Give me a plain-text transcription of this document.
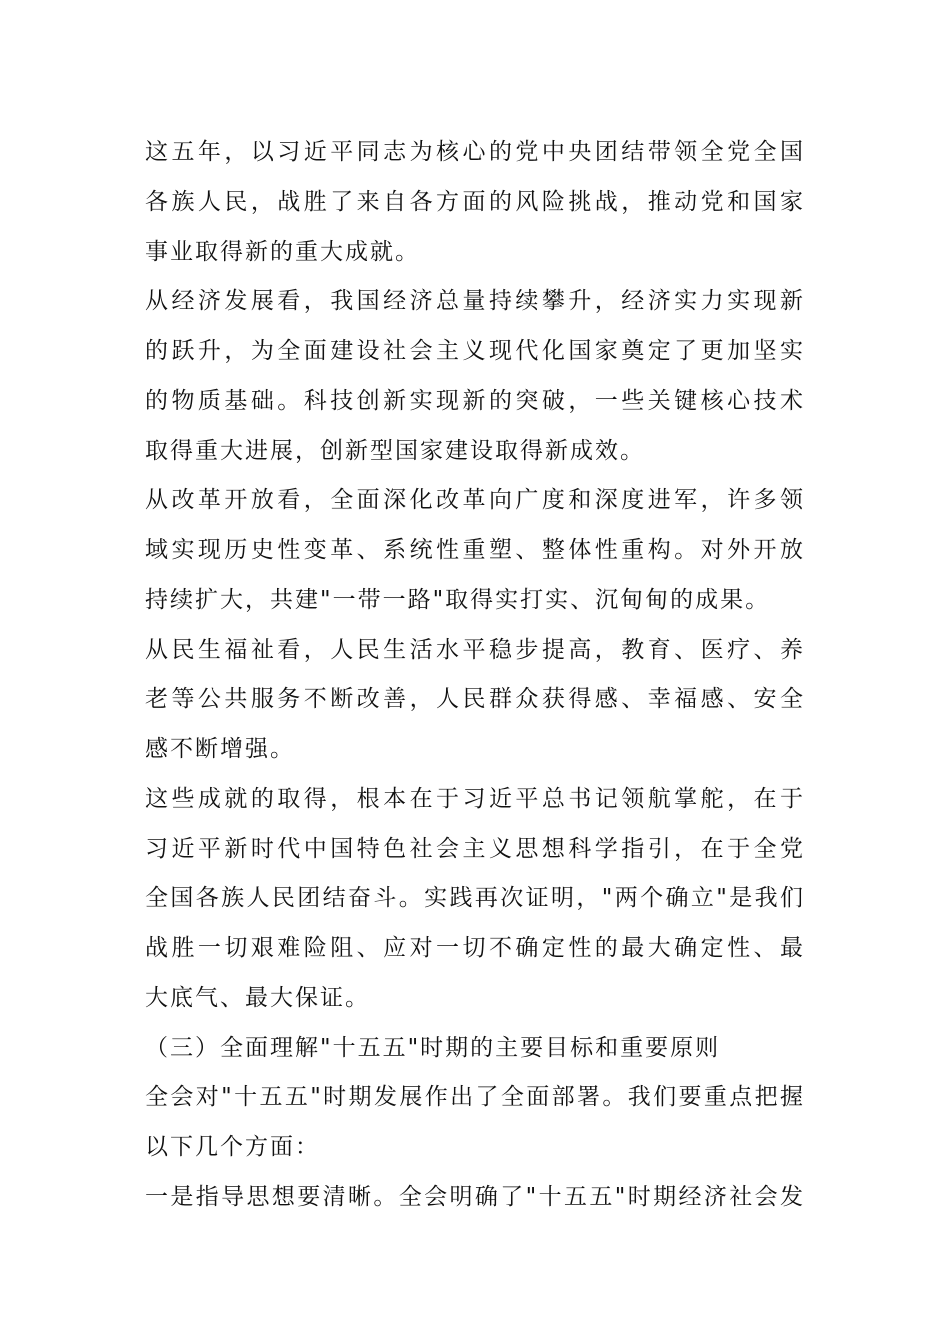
这五年，以习近平同志为核心的党中央团结带领全党全国
各族人民，战胜了来自各方面的风险挑战，推动党和国家
事业取得新的重大成就。
从经济发展看，我国经济总量持续攀升，经济实力实现新
的跃升，为全面建设社会主义现代化国家奠定了更加坚实
的物质基础。科技创新实现新的突破，一些关键核心技术
取得重大进展，创新型国家建设取得新成效。
从改革开放看，全面深化改革向广度和深度进军，许多领
域实现历史性变革、系统性重塑、整体性重构。对外开放
持续扩大，共建"一带一路"取得实打实、沉甸甸的成果。
从民生福祉看，人民生活水平稳步提高，教育、医疗、养
老等公共服务不断改善，人民群众获得感、幸福感、安全
感不断增强。
这些成就的取得，根本在于习近平总书记领航掌舵，在于
习近平新时代中国特色社会主义思想科学指引，在于全党
全国各族人民团结奋斗。实践再次证明，"两个确立"是我们
战胜一切艰难险阻、应对一切不确定性的最大确定性、最
大底气、最大保证。
（三）全面理解"十五五"时期的主要目标和重要原则
全会对"十五五"时期发展作出了全面部署。我们要重点把握
以下几个方面：
一是指导思想要清晰。全会明确了"十五五"时期经济社会发
